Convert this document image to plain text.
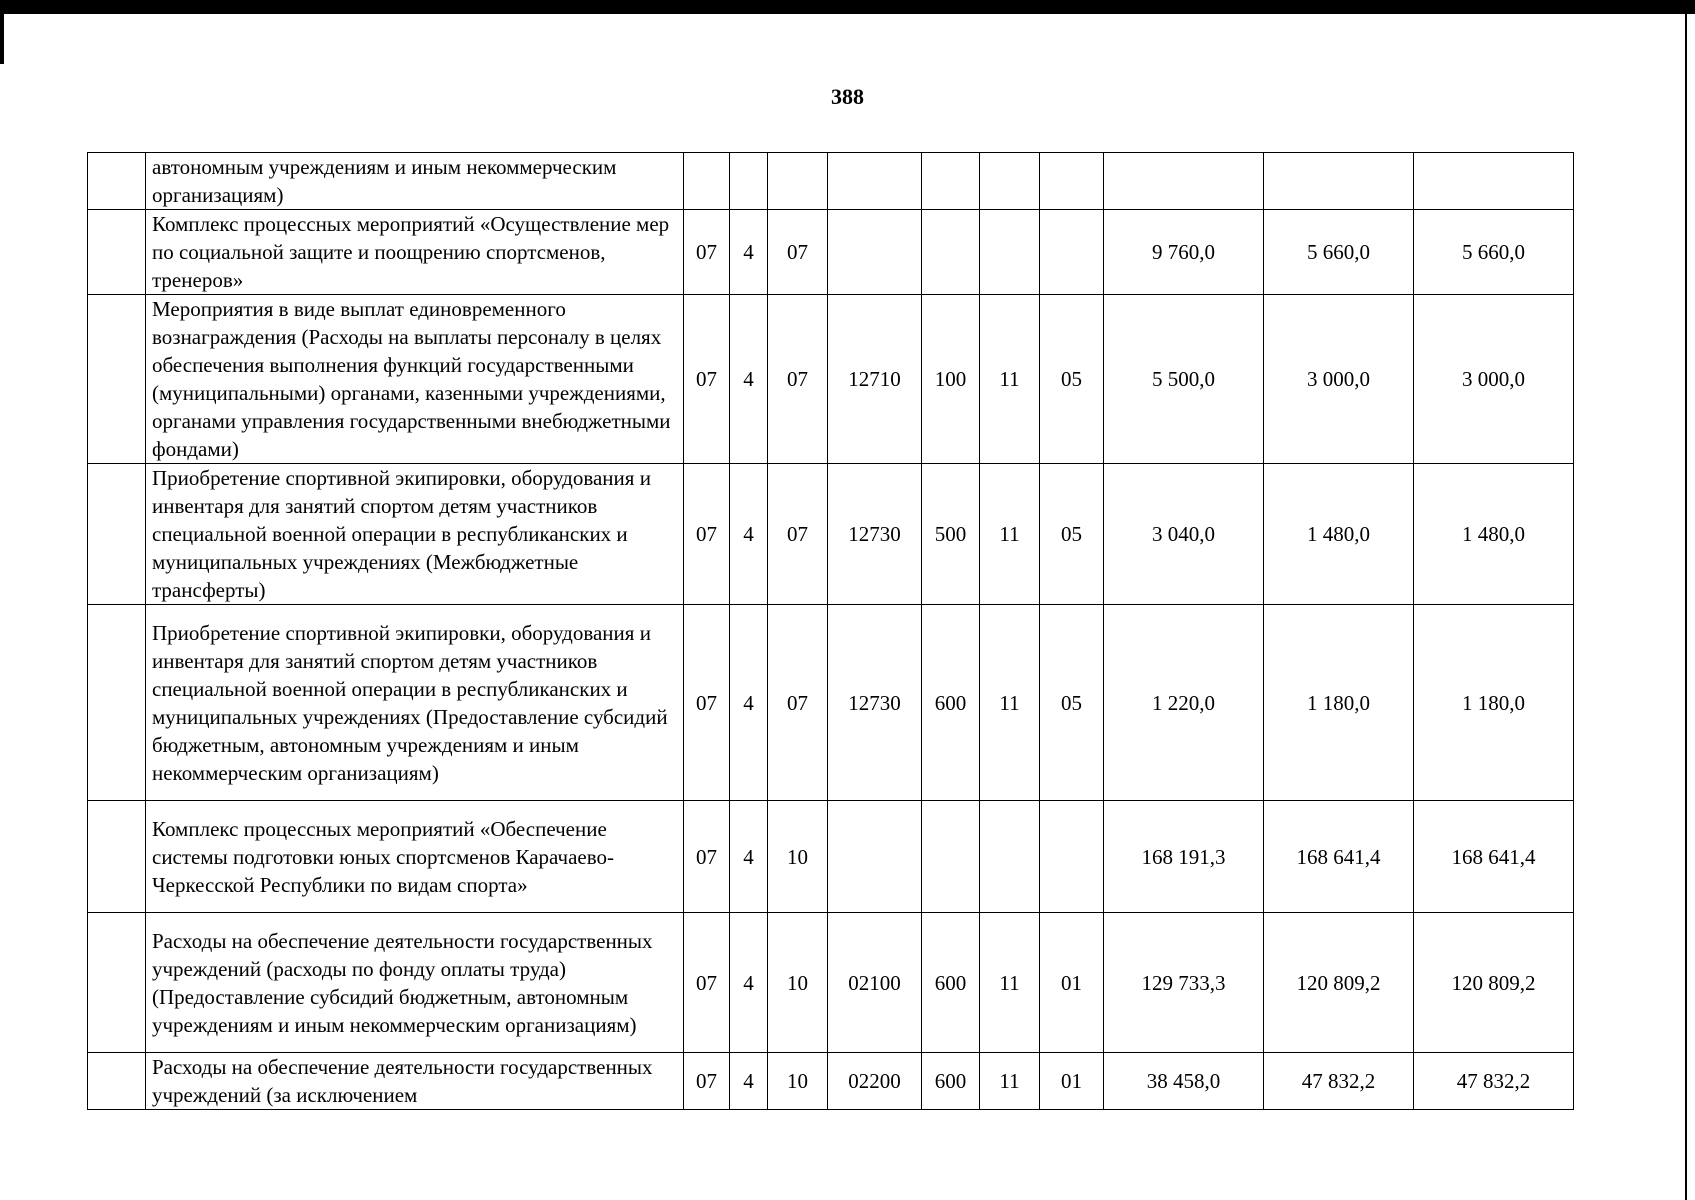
388
	автономным учреждениям и иным некоммерческим организациям)										
	Комплекс процессных мероприятий «Осуществление мер по социальной защите и поощрению спортсменов, тренеров»	07	4	07					9 760,0	5 660,0	5 660,0
	Мероприятия в виде выплат единовременного вознаграждения (Расходы на выплаты персоналу в целях обеспечения выполнения функций государственными (муниципальными) органами, казенными учреждениями, органами управления государственными внебюджетными фондами)	07	4	07	12710	100	11	05	5 500,0	3 000,0	3 000,0
	Приобретение спортивной экипировки, оборудования и инвентаря для занятий спортом детям участников специальной военной операции в республиканских и муниципальных учреждениях (Межбюджетные трансферты)	07	4	07	12730	500	11	05	3 040,0	1 480,0	1 480,0
	Приобретение спортивной экипировки, оборудования и инвентаря для занятий спортом детям участников специальной военной операции в республиканских и муниципальных учреждениях (Предоставление субсидий бюджетным, автономным учреждениям и иным некоммерческим организациям)	07	4	07	12730	600	11	05	1 220,0	1 180,0	1 180,0
	Комплекс процессных мероприятий «Обеспечение системы подготовки юных спортсменов Карачаево-Черкесской Республики по видам спорта»	07	4	10					168 191,3	168 641,4	168 641,4
	Расходы на обеспечение деятельности государственных учреждений (расходы по фонду оплаты труда) (Предоставление субсидий бюджетным, автономным учреждениям и иным некоммерческим организациям)	07	4	10	02100	600	11	01	129 733,3	120 809,2	120 809,2
	Расходы на обеспечение деятельности государственных учреждений (за исключением	07	4	10	02200	600	11	01	38 458,0	47 832,2	47 832,2
